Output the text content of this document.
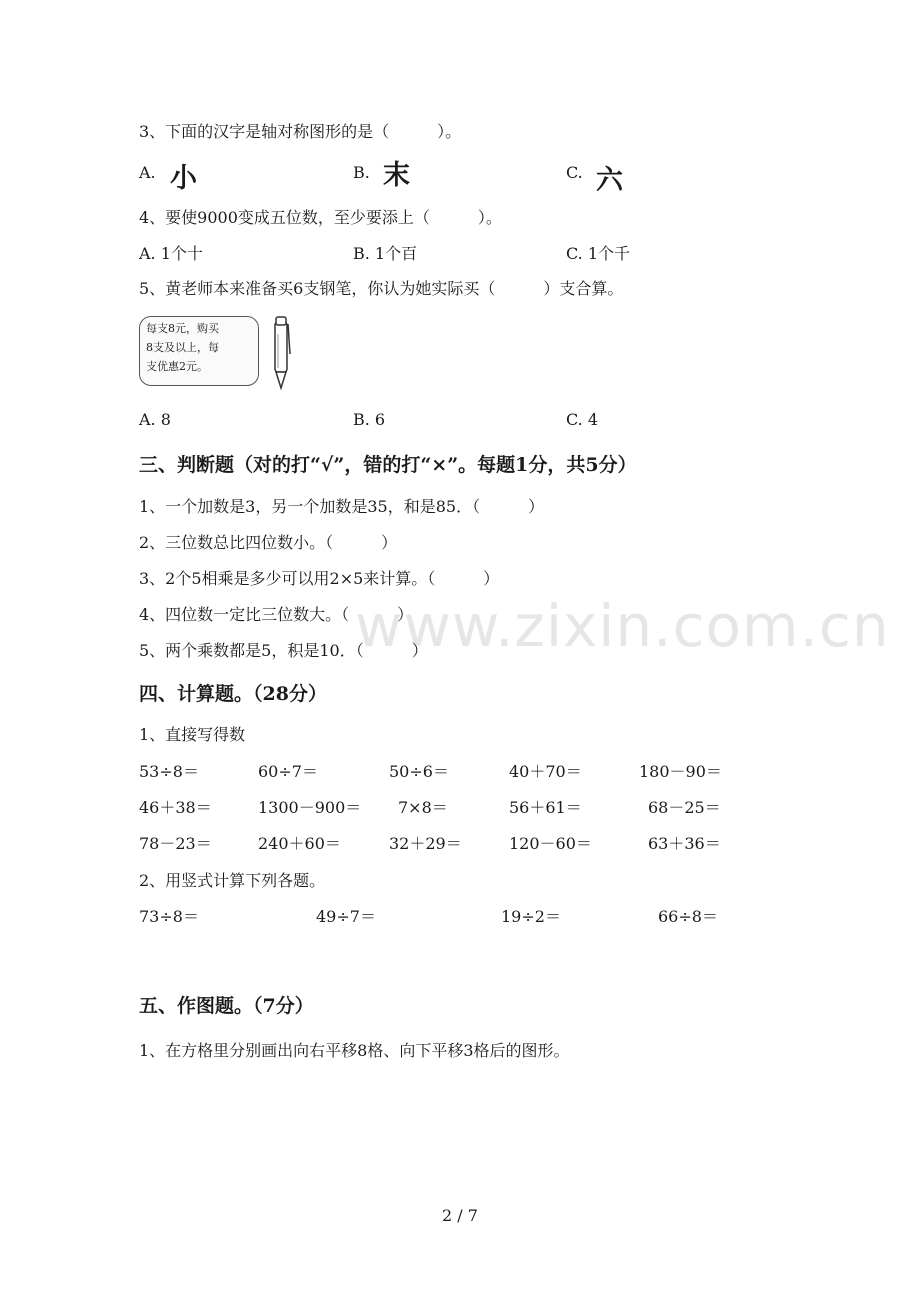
www.zixin.com.cn
3、下面的汉字是轴对称图形的是（　　　）。
A. 小	B. 末	C. 六
4、要使9000变成五位数，至少要添上（　　　）。
A. 1个十	B. 1个百	C. 1个千
5、黄老师本来准备买6支钢笔，你认为她实际买（　　　）支合算。
每支8元，购买
8支及以上，每
支优惠2元。
A. 8	B. 6	C. 4
三、判断题（对的打“√”，错的打“×”。每题1分，共5分）
1、一个加数是3，另一个加数是35，和是85．（　　　）
2、三位数总比四位数小。（　　　）
3、2个5相乘是多少可以用2×5来计算。（　　　）
4、四位数一定比三位数大。（　　　）
5、两个乘数都是5，积是10．（　　　）
四、计算题。（28分）
1、直接写得数
53÷8＝	60÷7＝	50÷6＝	40＋70＝	180－90＝
46＋38＝	1300－900＝ 7×8＝	56＋61＝	68－25＝
78－23＝	240＋60＝	32＋29＝	120－60＝	63＋36＝
2、用竖式计算下列各题。
73÷8＝	49÷7＝	19÷2＝	66÷8＝
五、作图题。（7分）
1、在方格里分别画出向右平移8格、向下平移3格后的图形。
2 / 7
